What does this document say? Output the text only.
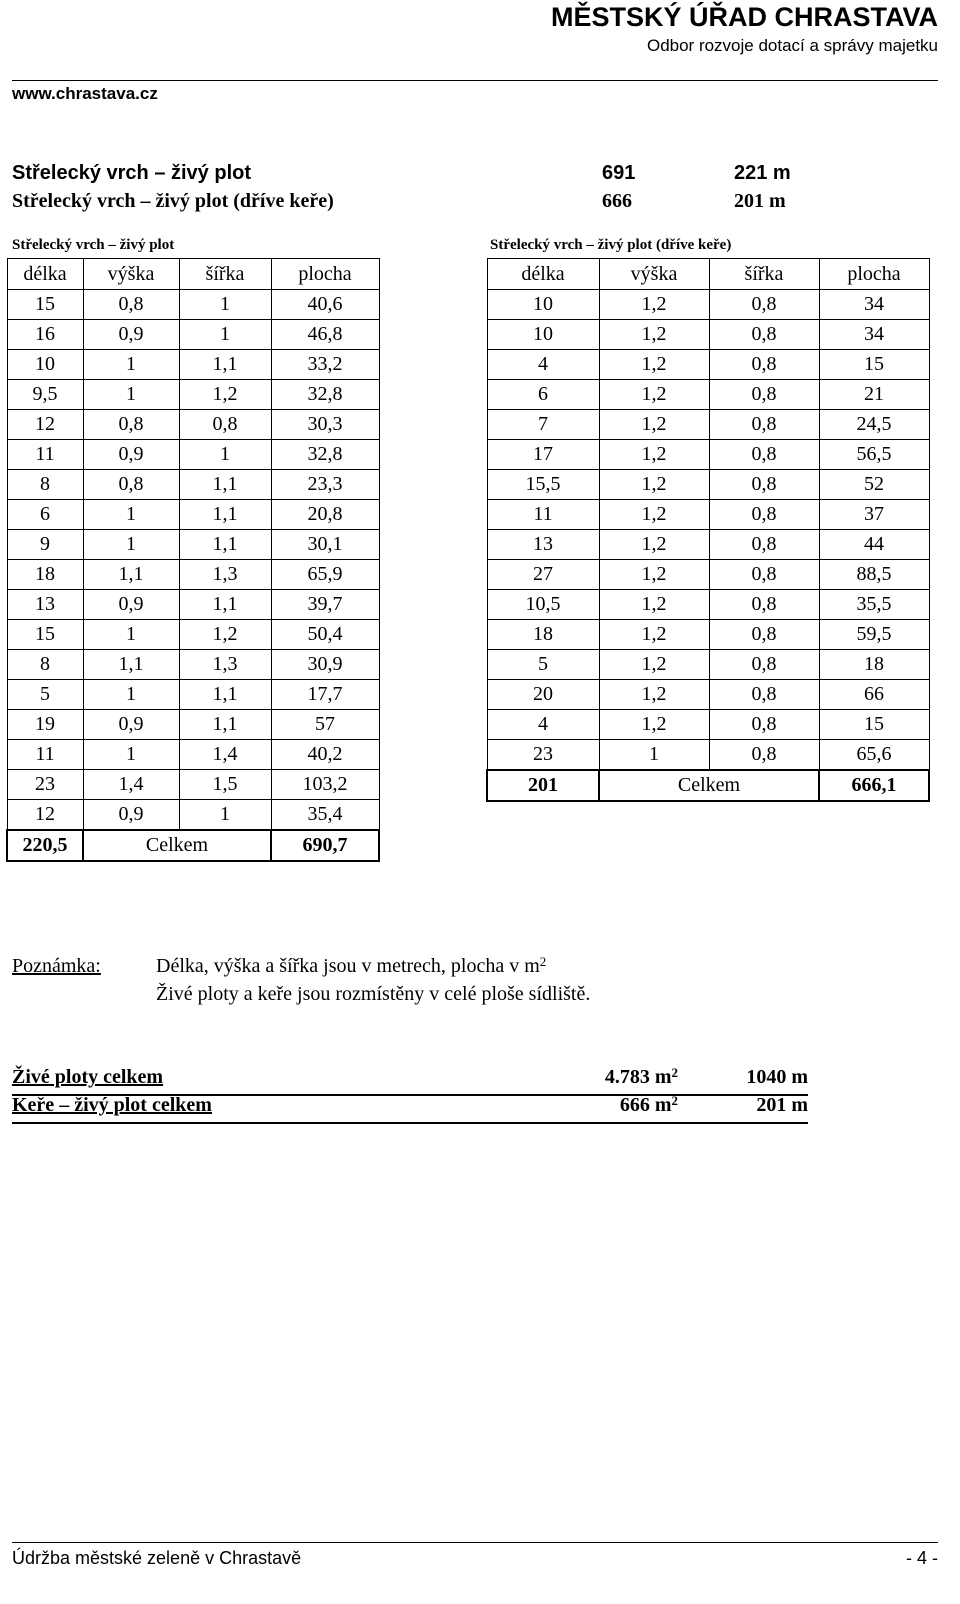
MĚSTSKÝ ÚŘAD CHRASTAVA
Odbor rozvoje dotací a správy majetku
www.chrastava.cz
Střelecký vrch – živý plot	691	221 m
Střelecký vrch – živý plot (dříve keře)	666	201 m
Střelecký vrch – živý plot
délka	výška	šířka	plocha
15	0,8	1	40,6
16	0,9	1	46,8
10	1	1,1	33,2
9,5	1	1,2	32,8
12	0,8	0,8	30,3
11	0,9	1	32,8
8	0,8	1,1	23,3
6	1	1,1	20,8
9	1	1,1	30,1
18	1,1	1,3	65,9
13	0,9	1,1	39,7
15	1	1,2	50,4
8	1,1	1,3	30,9
5	1	1,1	17,7
19	0,9	1,1	57
11	1	1,4	40,2
23	1,4	1,5	103,2
12	0,9	1	35,4
220,5	Celkem		690,7
Střelecký vrch – živý plot (dříve keře)
délka	výška	šířka	plocha
10	1,2	0,8	34
10	1,2	0,8	34
4	1,2	0,8	15
6	1,2	0,8	21
7	1,2	0,8	24,5
17	1,2	0,8	56,5
15,5	1,2	0,8	52
11	1,2	0,8	37
13	1,2	0,8	44
27	1,2	0,8	88,5
10,5	1,2	0,8	35,5
18	1,2	0,8	59,5
5	1,2	0,8	18
20	1,2	0,8	66
4	1,2	0,8	15
23	1	0,8	65,6
201	Celkem		666,1
Poznámka:	Délka, výška a šířka jsou v metrech, plocha v $m^2$
Živé ploty a keře jsou rozmístěny v celé ploše sídliště.
Živé ploty celkem	4.783 $m^2$	1040 m
Keře – živý plot celkem	666 $m^2$	201 m
Údržba městské zeleně v Chrastavě	- 4 -
